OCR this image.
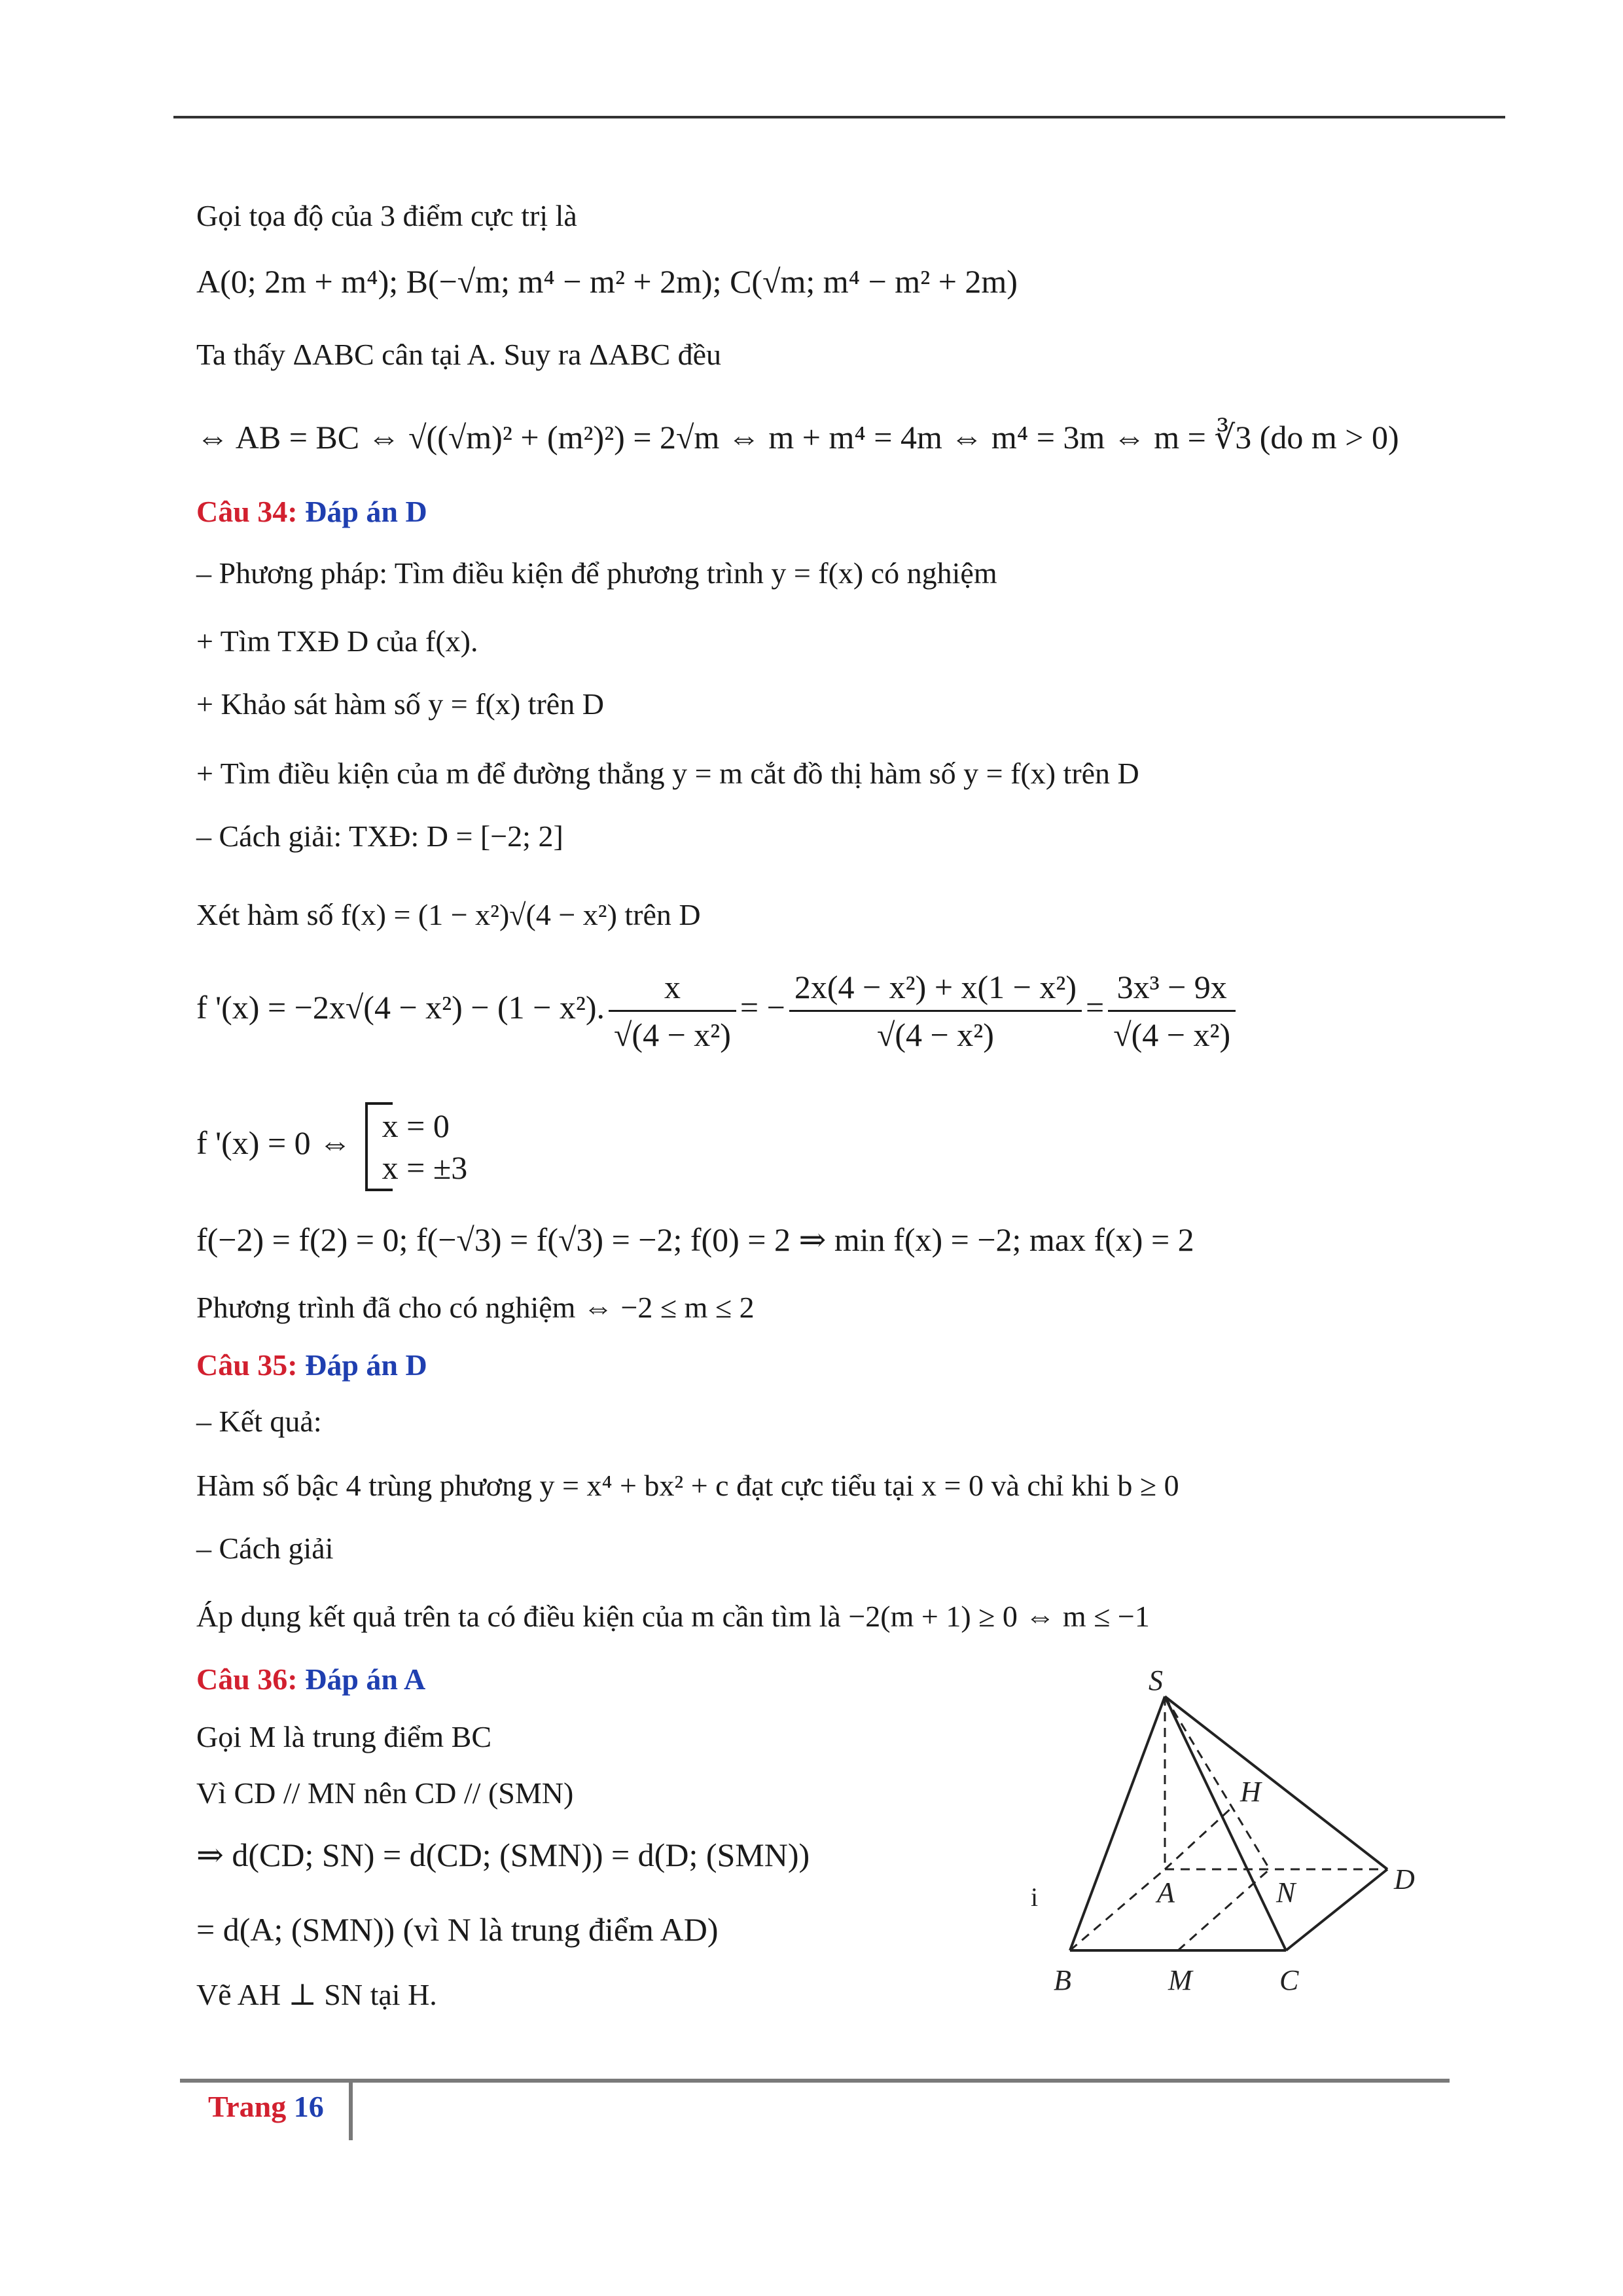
Gọi tọa độ của 3 điểm cực trị là
A(0; 2m + m⁴); B(−√m; m⁴ − m² + 2m); C(√m; m⁴ − m² + 2m)
Ta thấy ΔABC cân tại A. Suy ra ΔABC đều
⇔ AB = BC ⇔ √((√m)² + (m²)²) = 2√m ⇔ m + m⁴ = 4m ⇔ m⁴ = 3m ⇔ m = ∛3 (do m > 0)
Câu 34: Đáp án D
– Phương pháp: Tìm điều kiện để phương trình y = f(x) có nghiệm
+ Tìm TXĐ D của f(x).
+ Khảo sát hàm số y = f(x) trên D
+ Tìm điều kiện của m để đường thẳng y = m cắt đồ thị hàm số y = f(x) trên D
– Cách giải: TXĐ: D = [−2; 2]
Xét hàm số f(x) = (1 − x²)√(4 − x²) trên D
f '(x) = −2x√(4 − x²) − (1 − x²). $\frac{x}{\text{√(4 − x²)}}$ = − $\frac{\text{2x(4 − x²) + x(1 − x²)}}{\text{√(4 − x²)}} = \frac{\text{3x³ − 9x}}{\text{√(4 − x²)}}$
f '(x) = 0 ⇔ x = 0
x = ±3
f(−2) = f(2) = 0; f(−√3) = f(√3) = −2; f(0) = 2 ⇒ min f(x) = −2; max f(x) = 2
Phương trình đã cho có nghiệm ⇔ −2 ≤ m ≤ 2
Câu 35: Đáp án D
– Kết quả:
Hàm số bậc 4 trùng phương y = x⁴ + bx² + c đạt cực tiểu tại x = 0 và chỉ khi b ≥ 0
– Cách giải
Áp dụng kết quả trên ta có điều kiện của m cần tìm là −2(m + 1) ≥ 0 ⇔ m ≤ −1
Câu 36: Đáp án A
Gọi M là trung điểm BC
Vì CD // MN nên CD // (SMN)
⇒ d(CD; SN) = d(CD; (SMN)) = d(D; (SMN))
= d(A; (SMN)) (vì N là trung điểm AD)
Vẽ AH ⊥ SN tại H.
S
H
A	N	D
B	M	C
i
Trang 16
